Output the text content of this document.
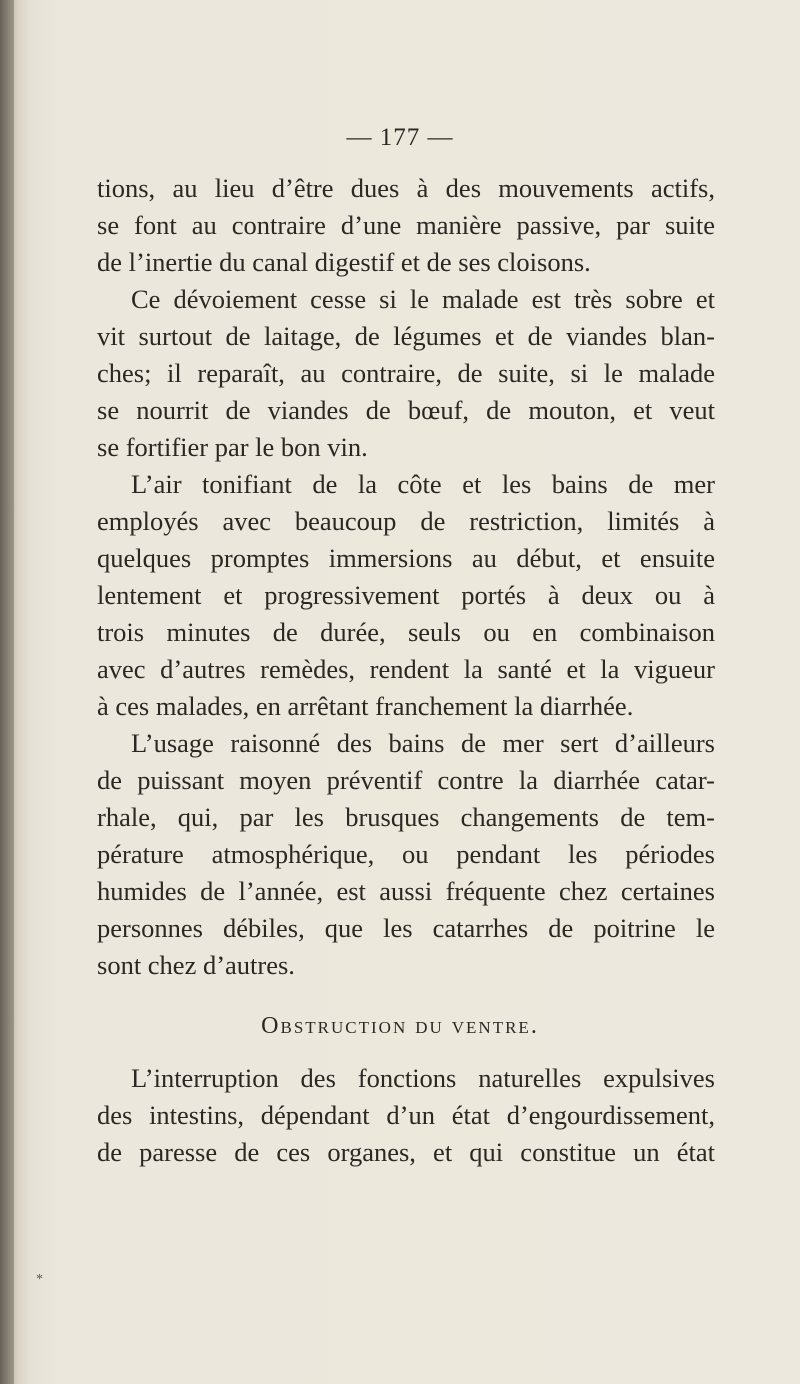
— 177 —
tions, au lieu d’être dues à des mouvements actifs,
se font au contraire d’une manière passive, par suite
de l’inertie du canal digestif et de ses cloisons.
Ce dévoiement cesse si le malade est très sobre et
vit surtout de laitage, de légumes et de viandes blan-
ches; il reparaît, au contraire, de suite, si le malade
se nourrit de viandes de bœuf, de mouton, et veut
se fortifier par le bon vin.
L’air tonifiant de la côte et les bains de mer
employés avec beaucoup de restriction, limités à
quelques promptes immersions au début, et ensuite
lentement et progressivement portés à deux ou à
trois minutes de durée, seuls ou en combinaison
avec d’autres remèdes, rendent la santé et la vigueur
à ces malades, en arrêtant franchement la diarrhée.
L’usage raisonné des bains de mer sert d’ailleurs
de puissant moyen préventif contre la diarrhée catar-
rhale, qui, par les brusques changements de tem-
pérature atmosphérique, ou pendant les périodes
humides de l’année, est aussi fréquente chez certaines
personnes débiles, que les catarrhes de poitrine le
sont chez d’autres.
Obstruction du ventre.
L’interruption des fonctions naturelles expulsives
des intestins, dépendant d’un état d’engourdissement,
de paresse de ces organes, et qui constitue un état
*
